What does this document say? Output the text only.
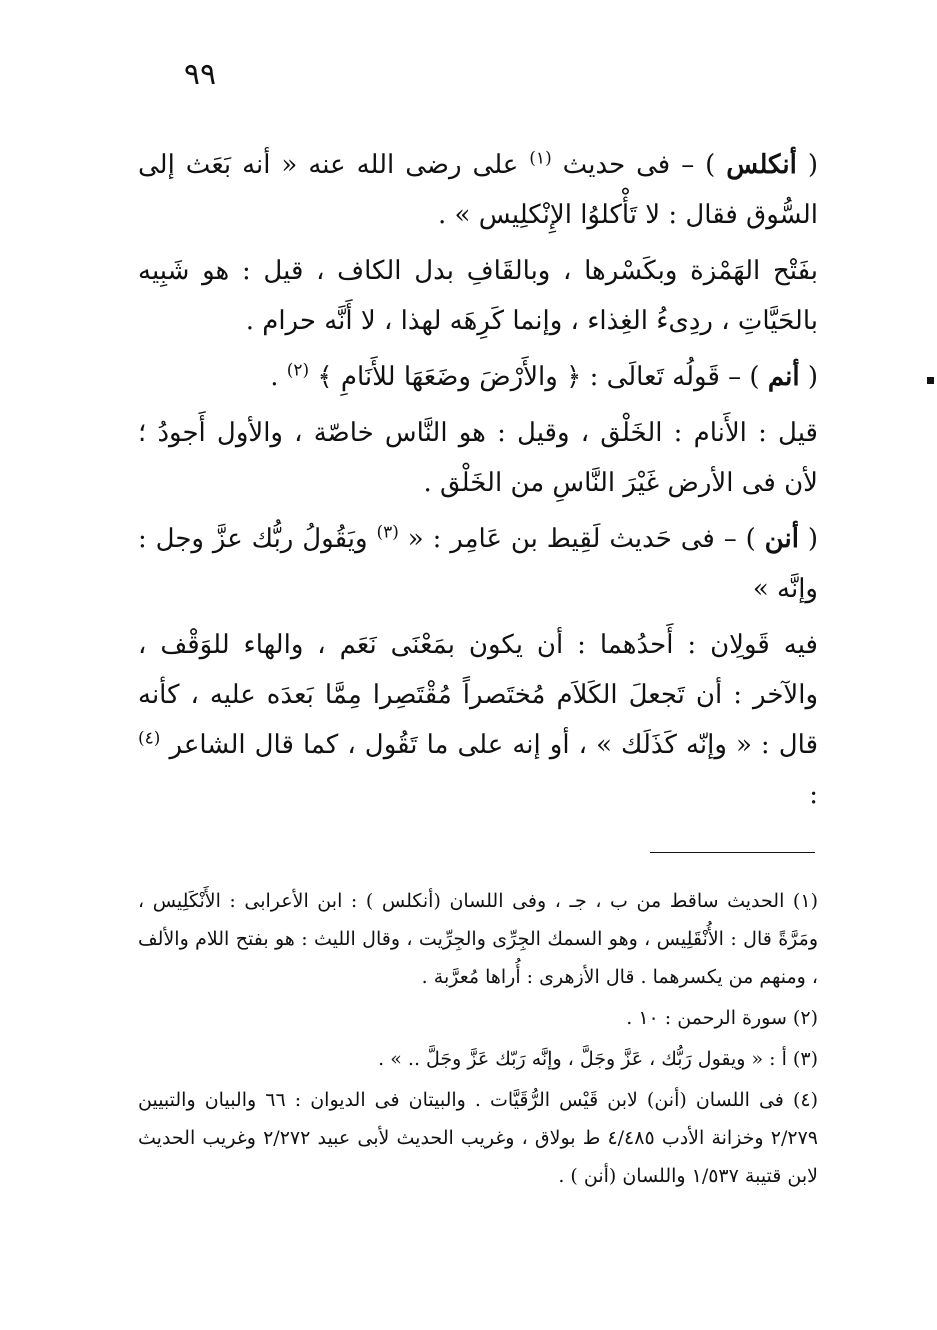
٩٩

( أنكلس ) – فى حديث $^{(١)}$ على رضى الله عنه « أنه بَعَث إلى السُّوق فقال : لا تَأْكلوُا الإِنْكلِيس » .

بفَتْح الهَمْزة وبكَسْرها ، وبالقَافِ بدل الكاف ، قيل : هو شَبِيه بالحَيَّاتِ ، ردِىءُ الغِذاء ، وإنما كَرِهَه لهذا ، لا أَنَّه حرام .

( أنم ) – قَولُه تَعالَى : ﴿ والأَرْضَ وضَعَهَا للأَنَامِ ﴾ $^{(٢)}$ .

قيل : الأَنام : الخَلْق ، وقيل : هو النَّاس خاصّة ، والأول أَجودُ ؛ لأن فى الأرض غَيْرَ النَّاسِ من الخَلْق .

( أنن ) – فى حَديث لَقِيط بن عَامِر : « $^{(٣)}$ ويَقُولُ ربُّك عزَّ وجل : وإنَّه »

فيه قَولِان : أَحدُهما : أن يكون بمَعْنَى نَعَم ، والهاء للوَقْف ، والآخر : أن تَجعلَ الكَلاَم مُختَصراً مُقْتَصِرا مِمَّا بَعدَه عليه ، كأنه قال : « وإنّه كَذَلَك » ، أو إنه على ما تَقُول ، كما قال الشاعر $^{(٤)}$ :

(١) الحديث ساقط من ب ، جـ ، وفى اللسان (أنكلس ) : ابن الأعرابى : الأَنْكَلِيس ، ومَرَّةً قال : الأُنْقَلِيس ، وهو السمك الجِرِّى والجِرِّيت ، وقال الليث : هو بفتح اللام والألف ، ومنهم من يكسرهما . قال الأزهرى : أُراها مُعرَّبة .

(٢) سورة الرحمن : ١٠ .

(٣) أ : « ويقول رَبُّك ، عَزَّ وجَلَّ ، وإنَّه رَبّك عَزَّ وجَلَّ .. » .

(٤) فى اللسان (أنن) لابن قَيْس الرُّقَيَّات . والبيتان فى الديوان : ٦٦ والبيان والتبيين ٢/٢٧٩ وخزانة الأدب ٤/٤٨٥ ط بولاق ، وغريب الحديث لأبى عبيد ٢/٢٧٢ وغريب الحديث لابن قتيبة ١/٥٣٧ واللسان (أنن ) .
